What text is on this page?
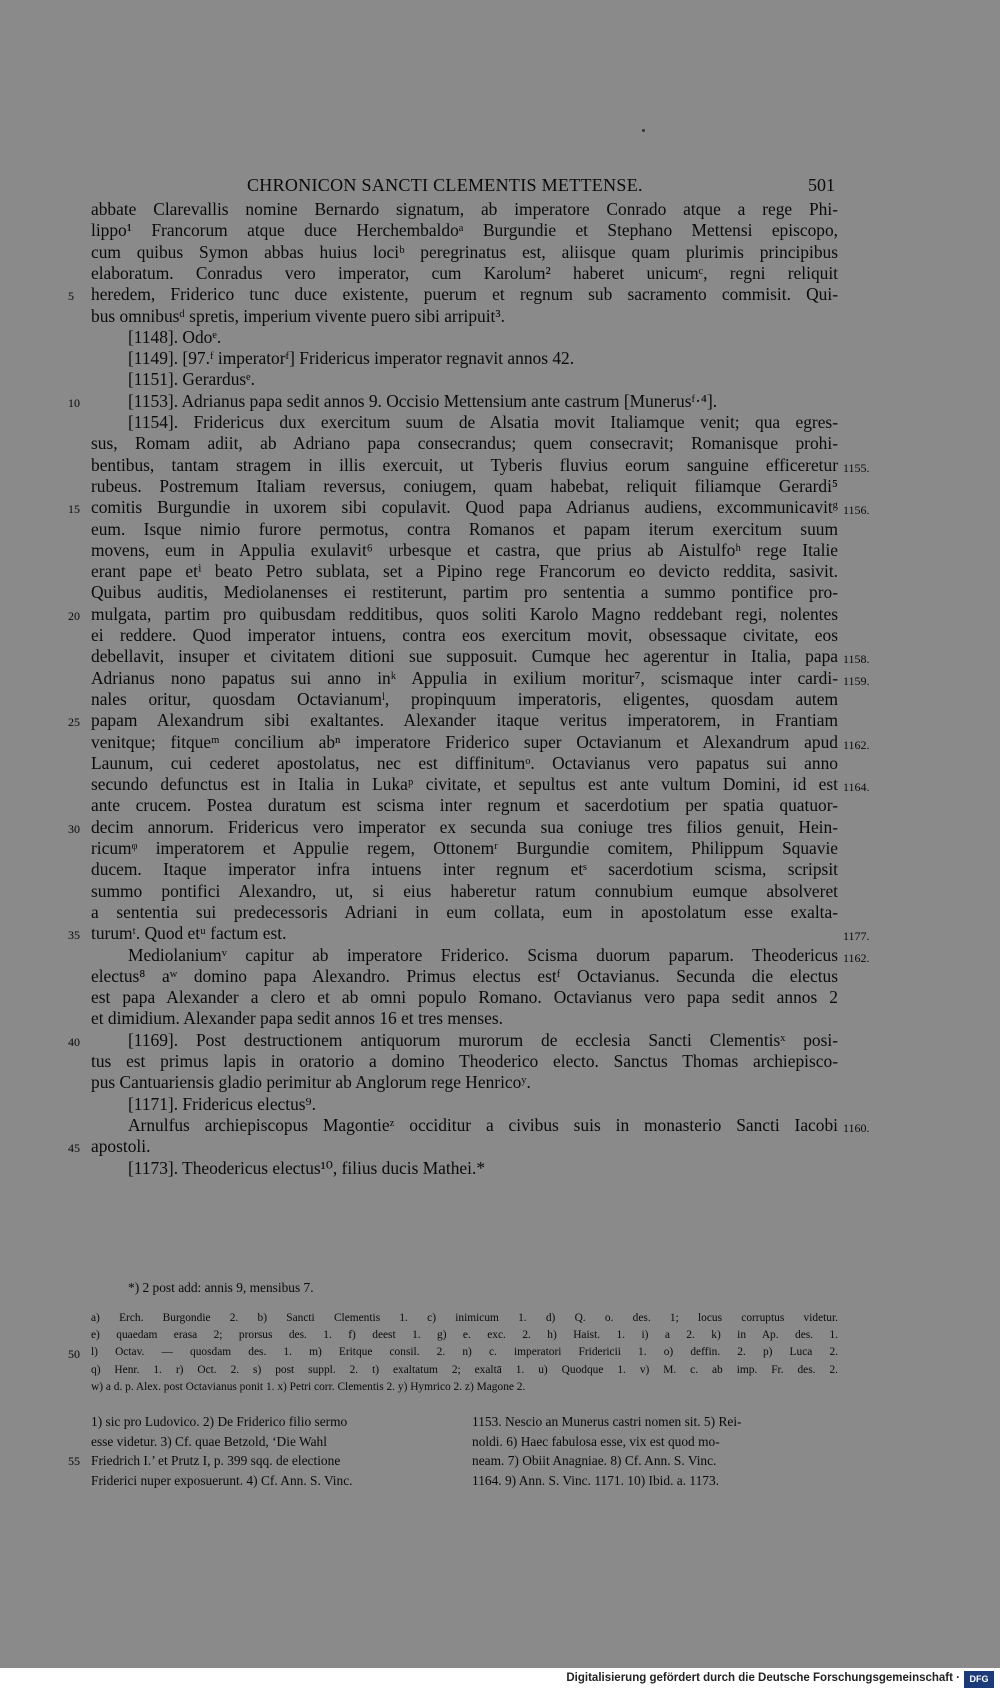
CHRONICON SANCTI CLEMENTIS METTENSE.	501
abbate Clarevallis nomine Bernardo signatum, ab imperatore Conrado atque a rege Phi-
lippo¹ Francorum atque duce Herchembaldoᵃ Burgundie et Stephano Mettensi episcopo,
cum quibus Symon abbas huius lociᵇ peregrinatus est, aliisque quam plurimis principibus
elaboratum. Conradus vero imperator, cum Karolum² haberet unicumᶜ, regni reliquit
heredem, Friderico tunc duce existente, puerum et regnum sub sacramento commisit. Qui-
5
bus omnibusᵈ spretis, imperium vivente puero sibi arripuit³.
[1148]. Odoᵉ.
[1149]. [97.ᶠ imperatorᶠ] Fridericus imperator regnavit annos 42.
[1151]. Gerardusᵉ.
[1153]. Adrianus papa sedit annos 9. Occisio Mettensium ante castrum [Munerusᶠ·⁴].
10
[1154]. Fridericus dux exercitum suum de Alsatia movit Italiamque venit; qua egres-
sus, Romam adiit, ab Adriano papa consecrandus; quem consecravit; Romanisque prohi-
bentibus, tantam stragem in illis exercuit, ut Tyberis fluvius eorum sanguine efficeretur 1155.
rubeus. Postremum Italiam reversus, coniugem, quam habebat, reliquit filiamque Gerardi⁵
comitis Burgundie in uxorem sibi copulavit. Quod papa Adrianus audiens, excommunicavitᵍ
15	1156.
eum. Isque nimio furore permotus, contra Romanos et papam iterum exercitum suum
movens, eum in Appulia exulavit⁶ urbesque et castra, que prius ab Aistulfoʰ rege Italie
erant pape etⁱ beato Petro sublata, set a Pipino rege Francorum eo devicto reddita, sasivit.
Quibus auditis, Mediolanenses ei restiterunt, partim pro sententia a summo pontifice pro-
mulgata, partim pro quibusdam redditibus, quos soliti Karolo Magno reddebant regi, nolentes
20
ei reddere. Quod imperator intuens, contra eos exercitum movit, obsessaque civitate, eos
debellavit, insuper et civitatem ditioni sue supposuit. Cumque hec agerentur in Italia, papa 1158.
Adrianus nono papatus sui anno inᵏ Appulia in exilium moritur⁷, scismaque inter cardi- 1159.
nales oritur, quosdam Octavianumˡ, propinquum imperatoris, eligentes, quosdam autem
papam Alexandrum sibi exaltantes. Alexander itaque veritus imperatorem, in Frantiam
25
venitque; fitqueᵐ concilium abⁿ imperatore Friderico super Octavianum et Alexandrum apud 1162.
Launum, cui cederet apostolatus, nec est diffinitumᵒ. Octavianus vero papatus sui anno
secundo defunctus est in Italia in Lukaᵖ civitate, et sepultus est ante vultum Domini, id est 1164.
ante crucem. Postea duratum est scisma inter regnum et sacerdotium per spatia quatuor-
decim annorum. Fridericus vero imperator ex secunda sua coniuge tres filios genuit, Hein-
30
ricumᵠ imperatorem et Appulie regem, Ottonemʳ Burgundie comitem, Philippum Squavie
ducem. Itaque imperator infra intuens inter regnum etˢ sacerdotium scisma, scripsit
summo pontifici Alexandro, ut, si eius haberetur ratum connubium eumque absolveret
a sententia sui predecessoris Adriani in eum collata, eum in apostolatum esse exalta-
turumᵗ. Quod etᵘ factum est.
35	1177.
Mediolaniumᵛ capitur ab imperatore Friderico. Scisma duorum paparum. Theodericus 1162.
electus⁸ aʷ domino papa Alexandro. Primus electus estᶠ Octavianus. Secunda die electus
est papa Alexander a clero et ab omni populo Romano. Octavianus vero papa sedit annos 2
et dimidium. Alexander papa sedit annos 16 et tres menses.
[1169]. Post destructionem antiquorum murorum de ecclesia Sancti Clementisˣ posi-
40
tus est primus lapis in oratorio a domino Theoderico electo. Sanctus Thomas archiepisco-
pus Cantuariensis gladio perimitur ab Anglorum rege Henricoʸ.
[1171]. Fridericus electus⁹.
Arnulfus archiepiscopus Magontieᶻ occiditur a civibus suis in monasterio Sancti Iacobi 1160.
apostoli.
45
[1173]. Theodericus electus¹⁰, filius ducis Mathei.*
*) 2 post add: annis 9, mensibus 7.
a) Erch. Burgondie 2. b) Sancti Clementis 1. c) inimicum 1. d) Q. o. des. 1; locus corruptus videtur.
e) quaedam erasa 2; prorsus des. 1. f) deest 1. g) e. exc. 2. h) Haist. 1. i) a 2. k) in Ap. des. 1.
l) Octav. — quosdam des. 1. m) Eritque consil. 2. n) c. imperatori Fridericii 1. o) deffin. 2. p) Luca 2.
50
q) Henr. 1. r) Oct. 2. s) post suppl. 2. t) exaltatum 2; exaltā 1. u) Quodque 1. v) M. c. ab imp. Fr. des. 2.
w) a d. p. Alex. post Octavianus ponit 1. x) Petri corr. Clementis 2. y) Hymrico 2. z) Magone 2.
1) sic pro Ludovico. 2) De Friderico filio sermo	1153. Nescio an Munerus castri nomen sit. 5) Rei-
esse videtur. 3) Cf. quae Betzold, ‘Die Wahl	noldi. 6) Haec fabulosa esse, vix est quod mo-
Friedrich I.’ et Prutz I, p. 399 sqq. de electione	neam. 7) Obiit Anagniae. 8) Cf. Ann. S. Vinc.
55
Friderici nuper exposuerunt. 4) Cf. Ann. S. Vinc.	1164. 9) Ann. S. Vinc. 1171. 10) Ibid. a. 1173.
Digitalisierung gefördert durch die Deutsche Forschungsgemeinschaft ·	DFG
